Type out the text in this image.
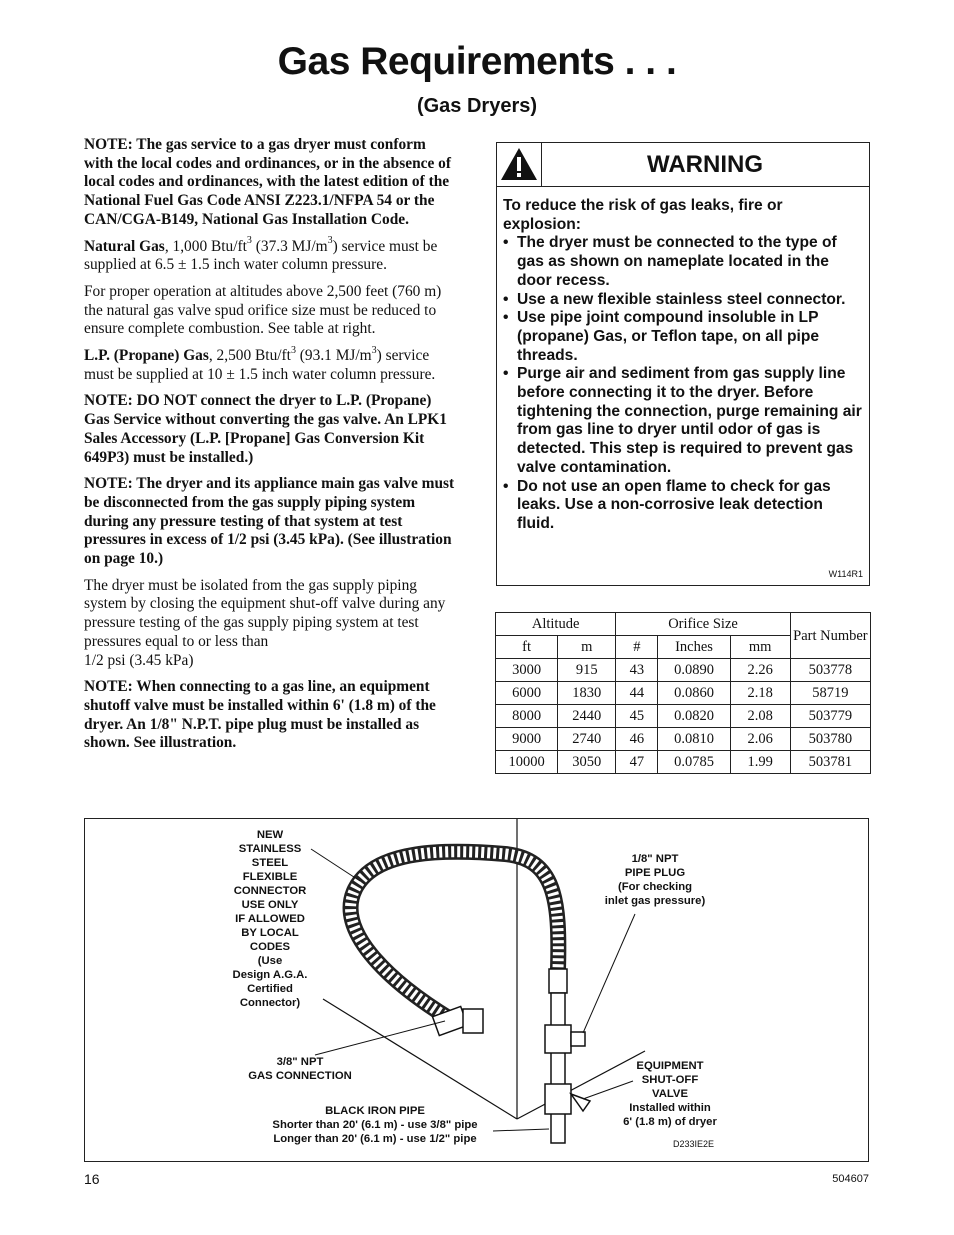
Gas Requirements . . .
(Gas Dryers)

NOTE: The gas service to a gas dryer must conform with the local codes and ordinances, or in the absence of local codes and ordinances, with the latest edition of the National Fuel Gas Code ANSI Z223.1/NFPA 54 or the CAN/CGA-B149, National Gas Installation Code.

Natural Gas, 1,000 Btu/$ft^3$ (37.3 $MJ/m^3$) service must be supplied at 6.5 ± 1.5 inch water column pressure.

For proper operation at altitudes above 2,500 feet (760 m) the natural gas valve spud orifice size must be reduced to ensure complete combustion. See table at right.

L.P. (Propane) Gas, 2,500 Btu/$ft^3$ (93.1 $MJ/m^3$) service must be supplied at 10 ± 1.5 inch water column pressure.

NOTE: DO NOT connect the dryer to L.P. (Propane) Gas Service without converting the gas valve. An LPK1 Sales Accessory (L.P. [Propane] Gas Conversion Kit 649P3) must be installed.)

NOTE: The dryer and its appliance main gas valve must be disconnected from the gas supply piping system during any pressure testing of that system at test pressures in excess of 1/2 psi (3.45 kPa). (See illustration on page 10.)

The dryer must be isolated from the gas supply piping system by closing the equipment shut-off valve during any pressure testing of the gas supply piping system at test pressures equal to or less than
1/2 psi (3.45 kPa)

NOTE: When connecting to a gas line, an equipment shutoff valve must be installed within 6' (1.8 m) of the dryer. An 1/8" N.P.T. pipe plug must be installed as shown. See illustration.

WARNING
To reduce the risk of gas leaks, fire or explosion:
• The dryer must be connected to the type of gas as shown on nameplate located in the door recess.
• Use a new flexible stainless steel connector.
• Use pipe joint compound insoluble in LP (propane) Gas, or Teflon tape, on all pipe threads.
• Purge air and sediment from gas supply line before connecting it to the dryer. Before tightening the connection, purge remaining air from gas line to dryer until odor of gas is detected. This step is required to prevent gas valve contamination.
• Do not use an open flame to check for gas leaks. Use a non-corrosive leak detection fluid.
W114R1
Altitude		Orifice Size			Part Number
ft	m	#	Inches	mm	
3000	915	43	0.0890	2.26	503778
6000	1830	44	0.0860	2.18	58719
8000	2440	45	0.0820	2.08	503779
9000	2740	46	0.0810	2.06	503780
10000	3050	47	0.0785	1.99	503781
NEW
STAINLESS
STEEL
FLEXIBLE
CONNECTOR
USE ONLY
IF ALLOWED
BY LOCAL
CODES
(Use
Design A.G.A.
Certified
Connector)
1/8" NPT
PIPE PLUG
(For checking
inlet gas pressure)
3/8" NPT
GAS CONNECTION
EQUIPMENT
SHUT-OFF
VALVE
Installed within
6' (1.8 m) of dryer
BLACK IRON PIPE
Shorter than 20' (6.1 m) - use 3/8" pipe
Longer than 20' (6.1 m) - use 1/2" pipe	D233IE2E
16	504607
